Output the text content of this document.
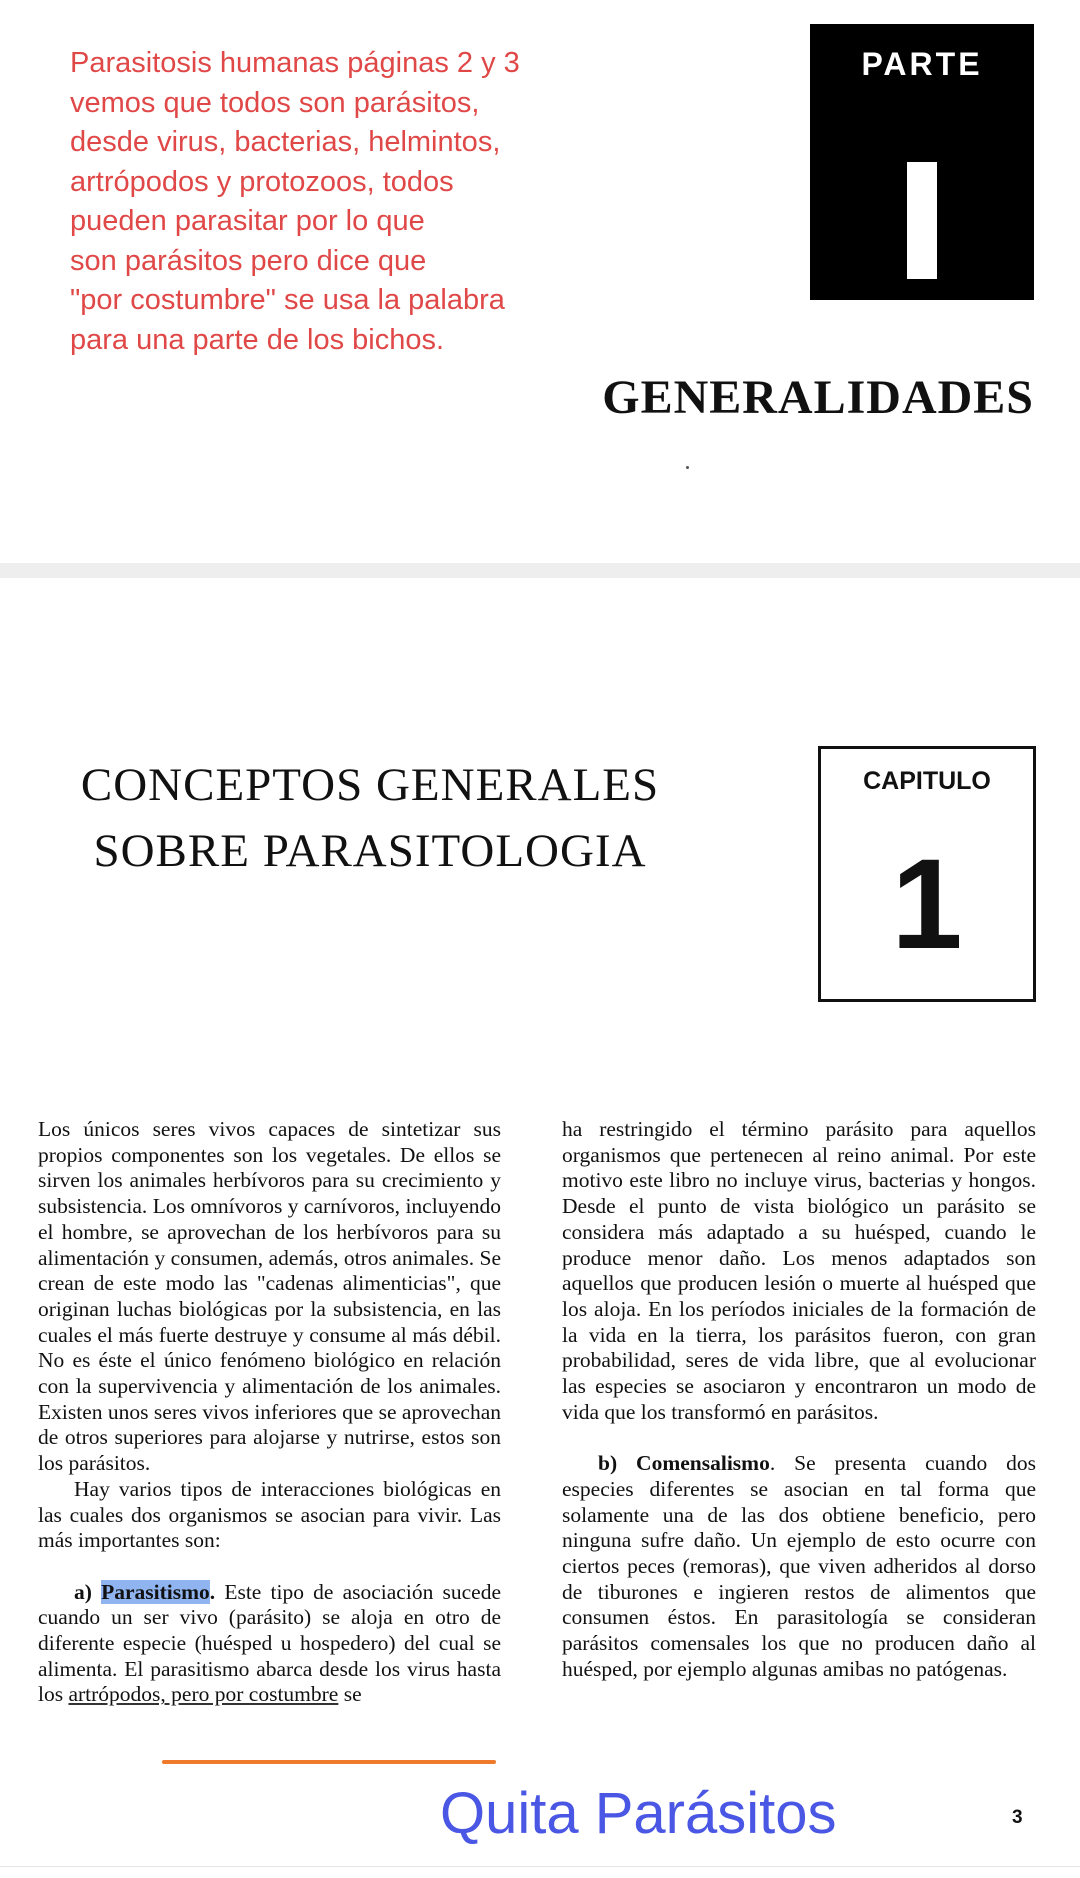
Parasitosis humanas páginas 2 y 3
vemos que todos son parásitos,
desde virus, bacterias, helmintos,
artrópodos y protozoos, todos
pueden parasitar por lo que
son parásitos pero dice que
"por costumbre" se usa la palabra
para una parte de los bichos.
PARTE
GENERALIDADES
CONCEPTOS GENERALES
SOBRE PARASITOLOGIA
CAPITULO
1

Los únicos seres vivos capaces de sintetizar sus propios componentes son los vegetales. De ellos se sirven los animales herbívoros para su crecimiento y subsistencia. Los omnívoros y carnívoros, incluyendo el hombre, se aprovechan de los herbívoros para su alimentación y consumen, además, otros animales. Se crean de este modo las "cadenas alimenticias", que originan luchas biológicas por la subsistencia, en las cuales el más fuerte destruye y consume al más débil. No es éste el único fenómeno biológico en relación con la supervivencia y alimentación de los animales. Existen unos seres vivos inferiores que se aprovechan de otros superiores para alojarse y nutrirse, estos son los parásitos.

Hay varios tipos de interacciones biológicas en las cuales dos organismos se asocian para vivir. Las más importantes son:

a) Parasitismo. Este tipo de asociación sucede cuando un ser vivo (parásito) se aloja en otro de diferente especie (huésped u hospedero) del cual se alimenta. El parasitismo abarca desde los virus hasta los artrópodos, pero por costumbre se

ha restringido el término parásito para aquellos organismos que pertenecen al reino animal. Por este motivo este libro no incluye virus, bacterias y hongos. Desde el punto de vista biológico un parásito se considera más adaptado a su huésped, cuando le produce menor daño. Los menos adaptados son aquellos que producen lesión o muerte al huésped que los aloja. En los períodos iniciales de la formación de la vida en la tierra, los parásitos fueron, con gran probabilidad, seres de vida libre, que al evolucionar las especies se asociaron y encontraron un modo de vida que los transformó en parásitos.

b) Comensalismo. Se presenta cuando dos especies diferentes se asocian en tal forma que solamente una de las dos obtiene beneficio, pero ninguna sufre daño. Un ejemplo de esto ocurre con ciertos peces (remoras), que viven adheridos al dorso de tiburones e ingieren restos de alimentos que consumen éstos. En parasitología se consideran parásitos comensales los que no producen daño al huésped, por ejemplo algunas amibas no patógenas.

Quita Parásitos	3
